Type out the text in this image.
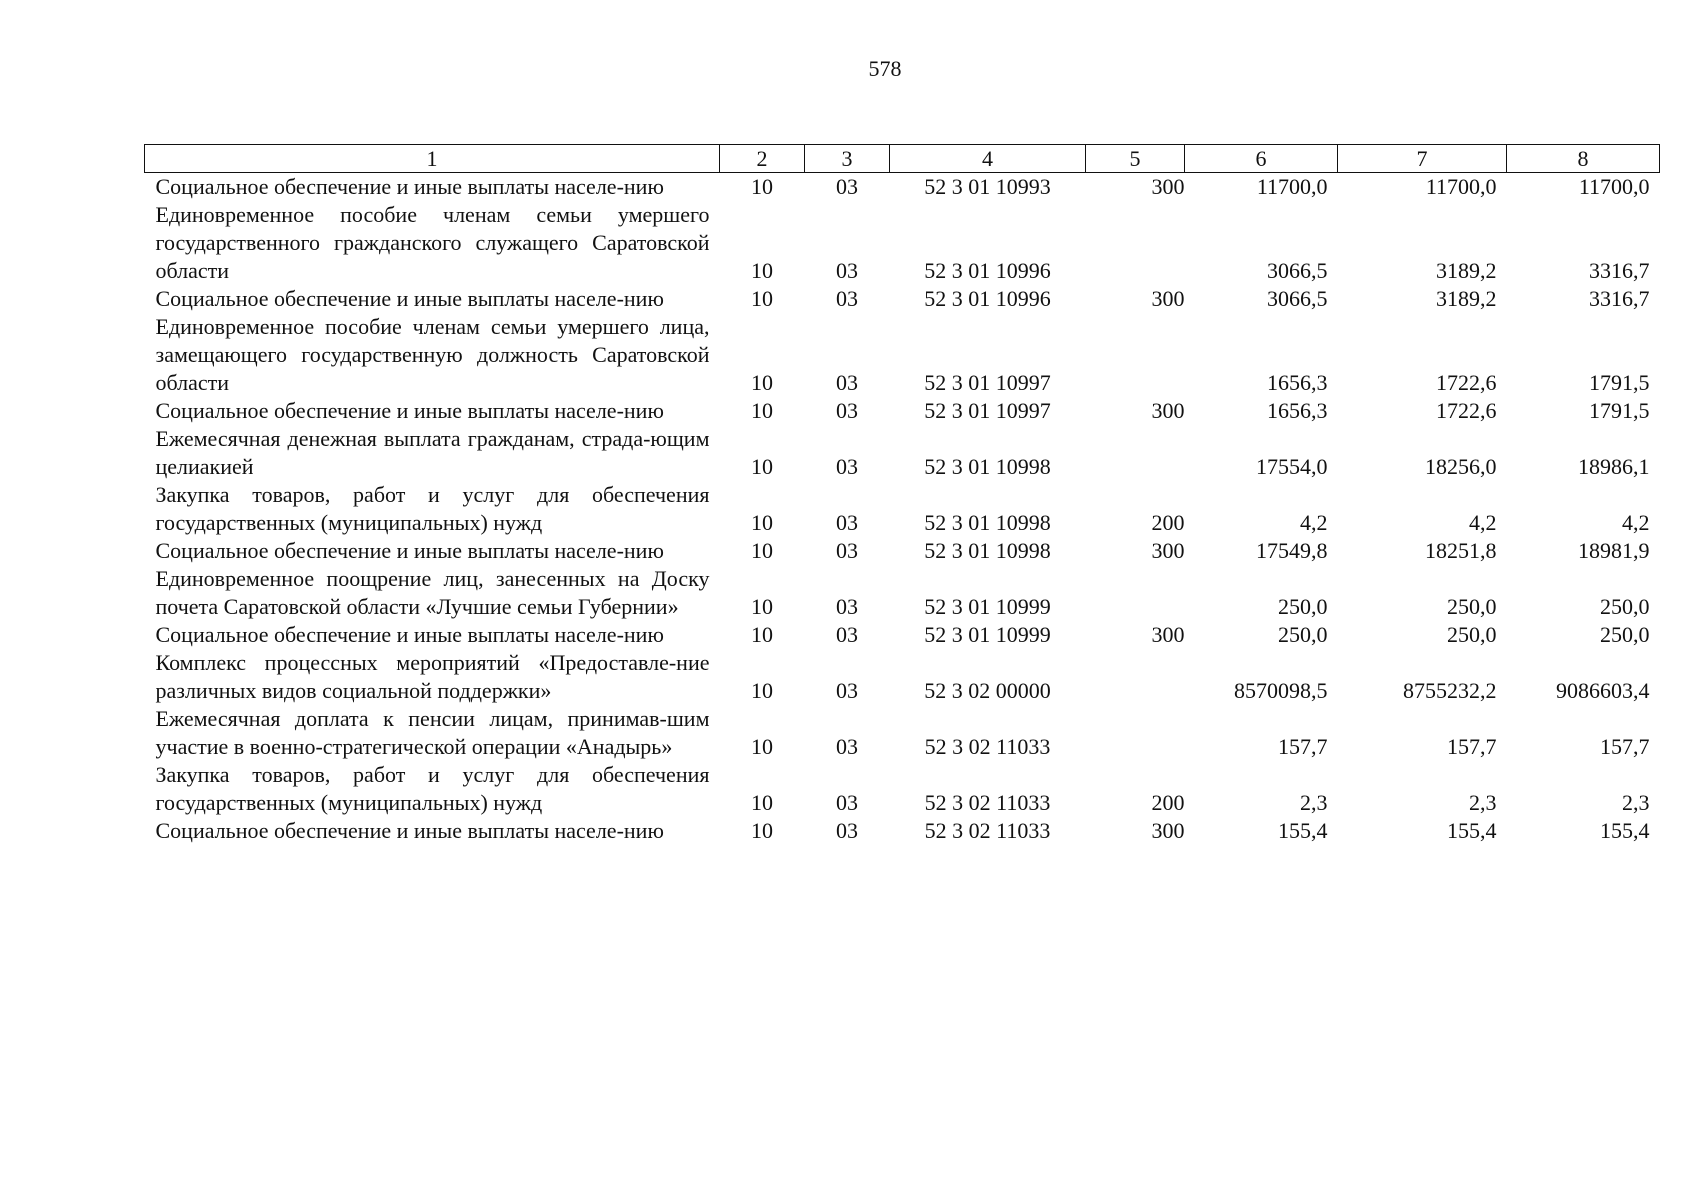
578
1	2	3	4	5	6	7	8
Социальное обеспечение и иные выплаты населе-нию	10	03	52 3 01 10993	300	11700,0	11700,0	11700,0
Единовременное пособие членам семьи умершего государственного гражданского служащего Саратовской области	10	03	52 3 01 10996		3066,5	3189,2	3316,7
Социальное обеспечение и иные выплаты населе-нию	10	03	52 3 01 10996	300	3066,5	3189,2	3316,7
Единовременное пособие членам семьи умершего лица, замещающего государственную должность Саратовской области	10	03	52 3 01 10997		1656,3	1722,6	1791,5
Социальное обеспечение и иные выплаты населе-нию	10	03	52 3 01 10997	300	1656,3	1722,6	1791,5
Ежемесячная денежная выплата гражданам, страда-ющим целиакией	10	03	52 3 01 10998		17554,0	18256,0	18986,1
Закупка товаров, работ и услуг для обеспечения государственных (муниципальных) нужд	10	03	52 3 01 10998	200	4,2	4,2	4,2
Социальное обеспечение и иные выплаты населе-нию	10	03	52 3 01 10998	300	17549,8	18251,8	18981,9
Единовременное поощрение лиц, занесенных на Доску почета Саратовской области «Лучшие семьи Губернии»	10	03	52 3 01 10999		250,0	250,0	250,0
Социальное обеспечение и иные выплаты населе-нию	10	03	52 3 01 10999	300	250,0	250,0	250,0
Комплекс процессных мероприятий «Предоставле-ние различных видов социальной поддержки»	10	03	52 3 02 00000		8570098,5	8755232,2	9086603,4
Ежемесячная доплата к пенсии лицам, принимав-шим участие в военно-стратегической операции «Анадырь»	10	03	52 3 02 11033		157,7	157,7	157,7
Закупка товаров, работ и услуг для обеспечения государственных (муниципальных) нужд	10	03	52 3 02 11033	200	2,3	2,3	2,3
Социальное обеспечение и иные выплаты населе-нию	10	03	52 3 02 11033	300	155,4	155,4	155,4
